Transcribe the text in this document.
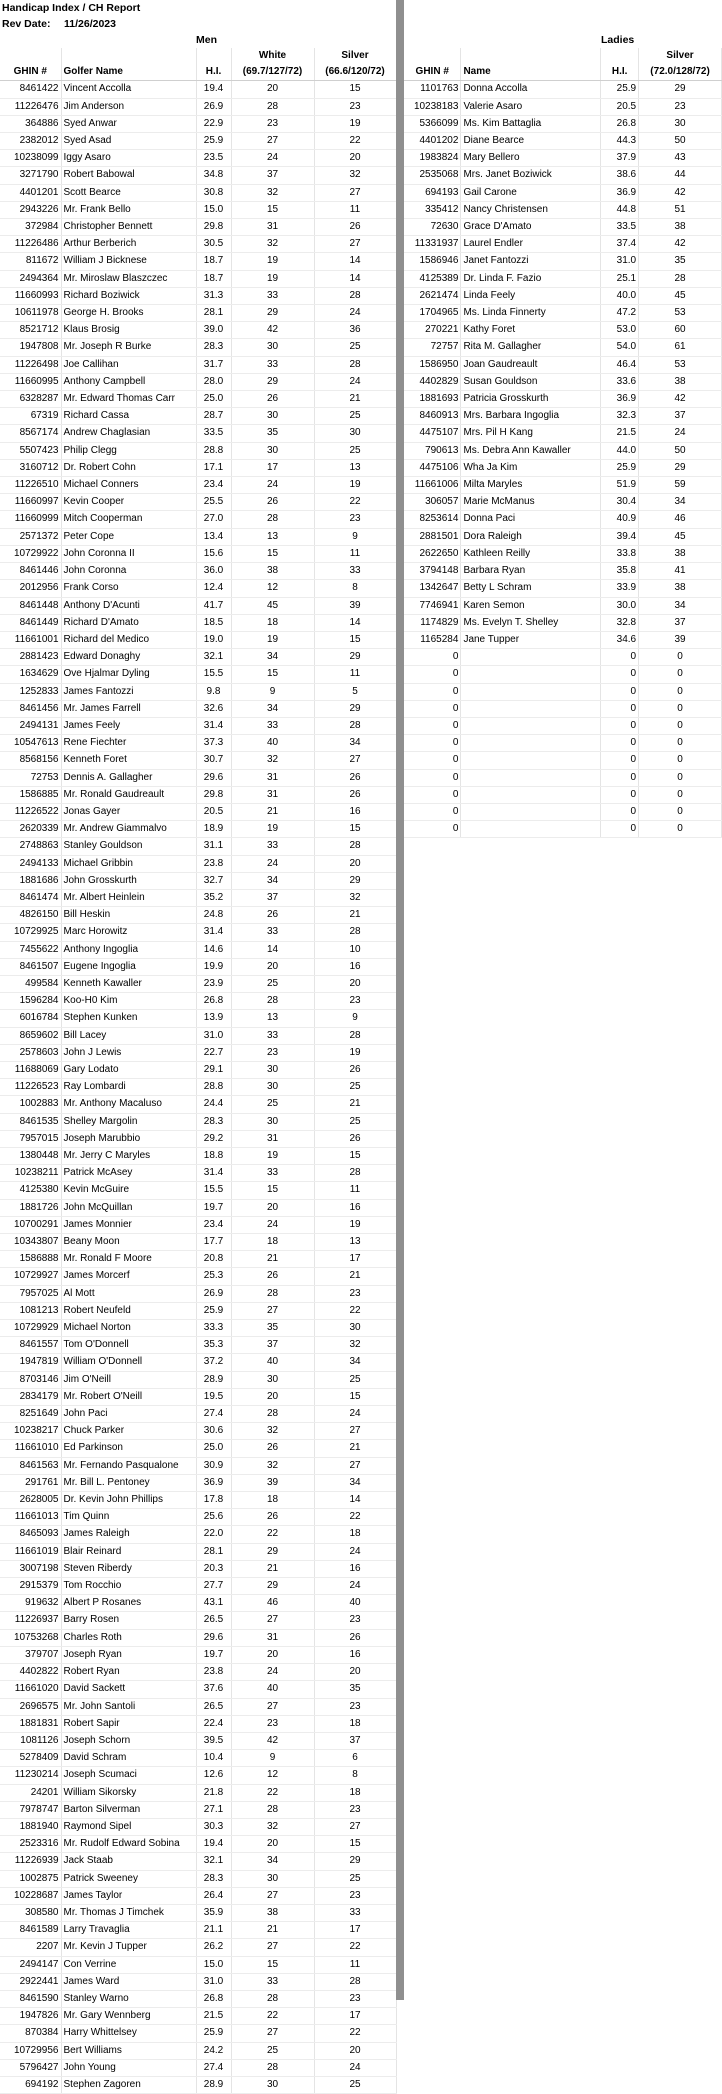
Handicap Index / CH Report
Rev Date: 11/26/2023
Men	Ladies
			White	Silver
GHIN #	Golfer Name	H.I.	(69.7/127/72)	(66.6/120/72)
8461422	Vincent Accolla	19.4	20	15
11226476	Jim Anderson	26.9	28	23
364886	Syed Anwar	22.9	23	19
2382012	Syed Asad	25.9	27	22
10238099	Iggy Asaro	23.5	24	20
3271790	Robert Babowal	34.8	37	32
4401201	Scott Bearce	30.8	32	27
2943226	Mr. Frank Bello	15.0	15	11
372984	Christopher Bennett	29.8	31	26
11226486	Arthur Berberich	30.5	32	27
811672	William J Bicknese	18.7	19	14
2494364	Mr. Miroslaw Blaszczec	18.7	19	14
11660993	Richard Boziwick	31.3	33	28
10611978	George H. Brooks	28.1	29	24
8521712	Klaus Brosig	39.0	42	36
1947808	Mr. Joseph R Burke	28.3	30	25
11226498	Joe Callihan	31.7	33	28
11660995	Anthony Campbell	28.0	29	24
6328287	Mr. Edward Thomas Carr	25.0	26	21
67319	Richard Cassa	28.7	30	25
8567174	Andrew Chaglasian	33.5	35	30
5507423	Philip Clegg	28.8	30	25
3160712	Dr. Robert Cohn	17.1	17	13
11226510	Michael Conners	23.4	24	19
11660997	Kevin Cooper	25.5	26	22
11660999	Mitch Cooperman	27.0	28	23
2571372	Peter Cope	13.4	13	9
10729922	John Coronna II	15.6	15	11
8461446	John Coronna	36.0	38	33
2012956	Frank Corso	12.4	12	8
8461448	Anthony D'Acunti	41.7	45	39
8461449	Richard D'Amato	18.5	18	14
11661001	Richard del Medico	19.0	19	15
2881423	Edward Donaghy	32.1	34	29
1634629	Ove Hjalmar Dyling	15.5	15	11
1252833	James Fantozzi	9.8	9	5
8461456	Mr. James Farrell	32.6	34	29
2494131	James Feely	31.4	33	28
10547613	Rene Fiechter	37.3	40	34
8568156	Kenneth Foret	30.7	32	27
72753	Dennis A. Gallagher	29.6	31	26
1586885	Mr. Ronald Gaudreault	29.8	31	26
11226522	Jonas Gayer	20.5	21	16
2620339	Mr. Andrew Giammalvo	18.9	19	15
2748863	Stanley Gouldson	31.1	33	28
2494133	Michael Gribbin	23.8	24	20
1881686	John Grosskurth	32.7	34	29
8461474	Mr. Albert Heinlein	35.2	37	32
4826150	Bill Heskin	24.8	26	21
10729925	Marc Horowitz	31.4	33	28
7455622	Anthony Ingoglia	14.6	14	10
8461507	Eugene Ingoglia	19.9	20	16
499584	Kenneth Kawaller	23.9	25	20
1596284	Koo-H0 Kim	26.8	28	23
6016784	Stephen Kunken	13.9	13	9
8659602	Bill Lacey	31.0	33	28
2578603	John J Lewis	22.7	23	19
11688069	Gary Lodato	29.1	30	26
11226523	Ray Lombardi	28.8	30	25
1002883	Mr. Anthony Macaluso	24.4	25	21
8461535	Shelley Margolin	28.3	30	25
7957015	Joseph Marubbio	29.2	31	26
1380448	Mr. Jerry C Maryles	18.8	19	15
10238211	Patrick McAsey	31.4	33	28
4125380	Kevin McGuire	15.5	15	11
1881726	John McQuillan	19.7	20	16
10700291	James Monnier	23.4	24	19
10343807	Beany Moon	17.7	18	13
1586888	Mr. Ronald F Moore	20.8	21	17
10729927	James Morcerf	25.3	26	21
7957025	Al Mott	26.9	28	23
1081213	Robert Neufeld	25.9	27	22
10729929	Michael Norton	33.3	35	30
8461557	Tom O'Donnell	35.3	37	32
1947819	William O'Donnell	37.2	40	34
8703146	Jim O'Neill	28.9	30	25
2834179	Mr. Robert O'Neill	19.5	20	15
8251649	John Paci	27.4	28	24
10238217	Chuck Parker	30.6	32	27
11661010	Ed Parkinson	25.0	26	21
8461563	Mr. Fernando Pasqualone	30.9	32	27
291761	Mr. Bill L. Pentoney	36.9	39	34
2628005	Dr. Kevin John Phillips	17.8	18	14
11661013	Tim Quinn	25.6	26	22
8465093	James Raleigh	22.0	22	18
11661019	Blair Reinard	28.1	29	24
3007198	Steven Riberdy	20.3	21	16
2915379	Tom Rocchio	27.7	29	24
919632	Albert P Rosanes	43.1	46	40
11226937	Barry Rosen	26.5	27	23
10753268	Charles Roth	29.6	31	26
379707	Joseph Ryan	19.7	20	16
4402822	Robert Ryan	23.8	24	20
11661020	David Sackett	37.6	40	35
2696575	Mr. John Santoli	26.5	27	23
1881831	Robert Sapir	22.4	23	18
1081126	Joseph Schorn	39.5	42	37
5278409	David Schram	10.4	9	6
11230214	Joseph Scumaci	12.6	12	8
24201	William Sikorsky	21.8	22	18
7978747	Barton Silverman	27.1	28	23
1881940	Raymond Sipel	30.3	32	27
2523316	Mr. Rudolf Edward Sobina	19.4	20	15
11226939	Jack Staab	32.1	34	29
1002875	Patrick Sweeney	28.3	30	25
10228687	James Taylor	26.4	27	23
308580	Mr. Thomas J Timchek	35.9	38	33
8461589	Larry Travaglia	21.1	21	17
2207	Mr. Kevin J Tupper	26.2	27	22
2494147	Con Verrine	15.0	15	11
2922441	James Ward	31.0	33	28
8461590	Stanley Warno	26.8	28	23
1947826	Mr. Gary Wennberg	21.5	22	17
870384	Harry Whittelsey	25.9	27	22
10729956	Bert Williams	24.2	25	20
5796427	John Young	27.4	28	24
694192	Stephen Zagoren	28.9	30	25
			Silver
GHIN #	Name	H.I.	(72.0/128/72)
1101763	Donna Accolla	25.9	29
10238183	Valerie Asaro	20.5	23
5366099	Ms. Kim Battaglia	26.8	30
4401202	Diane Bearce	44.3	50
1983824	Mary Bellero	37.9	43
2535068	Mrs. Janet Boziwick	38.6	44
694193	Gail Carone	36.9	42
335412	Nancy Christensen	44.8	51
72630	Grace D'Amato	33.5	38
11331937	Laurel Endler	37.4	42
1586946	Janet Fantozzi	31.0	35
4125389	Dr. Linda F. Fazio	25.1	28
2621474	Linda Feely	40.0	45
1704965	Ms. Linda Finnerty	47.2	53
270221	Kathy Foret	53.0	60
72757	Rita M. Gallagher	54.0	61
1586950	Joan Gaudreault	46.4	53
4402829	Susan Gouldson	33.6	38
1881693	Patricia Grosskurth	36.9	42
8460913	Mrs. Barbara Ingoglia	32.3	37
4475107	Mrs. Pil H Kang	21.5	24
790613	Ms. Debra Ann Kawaller	44.0	50
4475106	Wha Ja Kim	25.9	29
11661006	Milta Maryles	51.9	59
306057	Marie McManus	30.4	34
8253614	Donna Paci	40.9	46
2881501	Dora Raleigh	39.4	45
2622650	Kathleen Reilly	33.8	38
3794148	Barbara Ryan	35.8	41
1342647	Betty L Schram	33.9	38
7746941	Karen Semon	30.0	34
1174829	Ms. Evelyn T. Shelley	32.8	37
1165284	Jane Tupper	34.6	39
0		0	0
0		0	0
0		0	0
0		0	0
0		0	0
0		0	0
0		0	0
0		0	0
0		0	0
0		0	0
0		0	0
